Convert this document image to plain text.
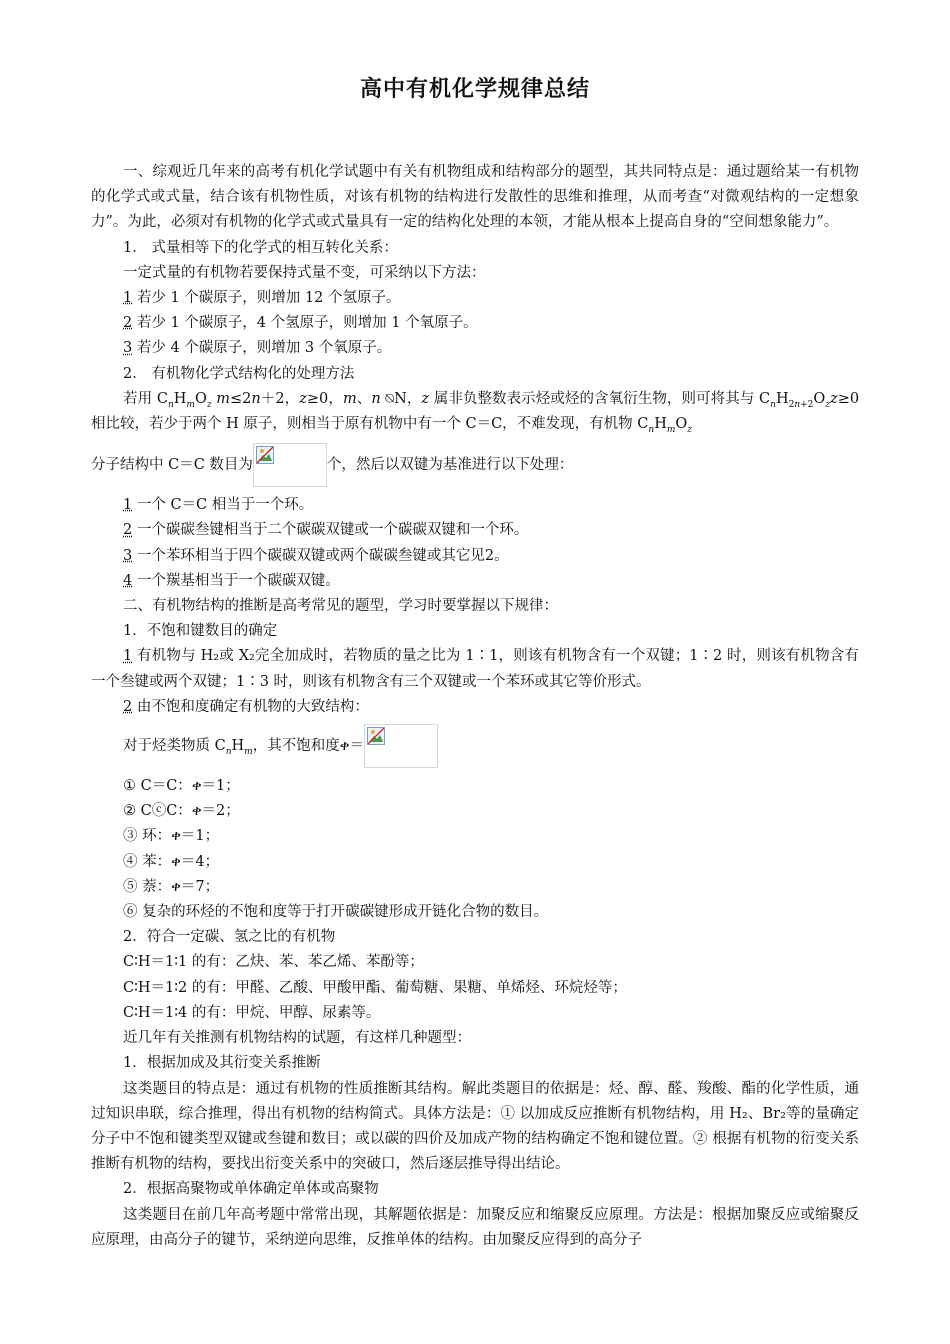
高中有机化学规律总结

一、综观近几年来的高考有机化学试题中有关有机物组成和结构部分的题型，其共同特点是：通过题给某一有机物的化学式或式量，结合该有机物性质，对该有机物的结构进行发散性的思维和推理，从而考查“对微观结构的一定想象力”。为此，必须对有机物的化学式或式量具有一定的结构化处理的本领，才能从根本上提高自身的“空间想象能力”。

1． 式量相等下的化学式的相互转化关系：

一定式量的有机物若要保持式量不变，可采纳以下方法：

1 若少 1 个碳原子，则增加 12 个氢原子。

2 若少 1 个碳原子，4 个氢原子，则增加 1 个氧原子。

3 若少 4 个碳原子，则增加 3 个氧原子。

2． 有机物化学式结构化的处理方法

若用 $C_nH_mO_z$ m≤2n＋2，z≥0，m、n ⍉N，z 属非负整数表示烃或烃的含氧衍生物，则可将其与 $C_nH_{2n+2}O_zz\ge 0$相比较，若少于两个 H 原子，则相当于原有机物中有一个 C＝C，不难发现，有机物 $C_nH_mO_z$

分子结构中 C＝C 数目为	个，然后以双键为基准进行以下处理：

1 一个 C＝C 相当于一个环。

2 一个碳碳叁键相当于二个碳碳双键或一个碳碳双键和一个环。

3 一个苯环相当于四个碳碳双键或两个碳碳叁键或其它见2。

4 一个羰基相当于一个碳碳双键。

二、有机物结构的推断是高考常见的题型，学习时要掌握以下规律：

1．不饱和键数目的确定

1 有机物与 H₂或 X₂完全加成时，若物质的量之比为 1∶1，则该有机物含有一个双键；1∶2 时，则该有机物含有一个叁键或两个双键；1∶3 时，则该有机物含有三个双键或一个苯环或其它等价形式。

2 由不饱和度确定有机物的大致结构：

对于烃类物质 $C_nH_m$，其不饱和度ቀ＝

① C＝C：ቀ＝1；

② CⓒC：ቀ＝2；

③ 环：ቀ＝1；

④ 苯：ቀ＝4；

⑤ 萘：ቀ＝7；

⑥ 复杂的环烃的不饱和度等于打开碳碳键形成开链化合物的数目。

2．符合一定碳、氢之比的有机物

C∶H＝1∶1 的有：乙炔、苯、苯乙烯、苯酚等；

C∶H＝1∶2 的有：甲醛、乙酸、甲酸甲酯、葡萄糖、果糖、单烯烃、环烷烃等；

C∶H＝1∶4 的有：甲烷、甲醇、尿素等。

近几年有关推测有机物结构的试题，有这样几种题型：

1．根据加成及其衍变关系推断

这类题目的特点是：通过有机物的性质推断其结构。解此类题目的依据是：烃、醇、醛、羧酸、酯的化学性质，通过知识串联，综合推理，得出有机物的结构简式。具体方法是：① 以加成反应推断有机物结构，用 H₂、Br₂等的量确定分子中不饱和键类型双键或叁键和数目；或以碳的四价及加成产物的结构确定不饱和键位置。② 根据有机物的衍变关系推断有机物的结构，要找出衍变关系中的突破口，然后逐层推导得出结论。

2．根据高聚物或单体确定单体或高聚物

这类题目在前几年高考题中常常出现，其解题依据是：加聚反应和缩聚反应原理。方法是：根据加聚反应或缩聚反应原理，由高分子的键节，采纳逆向思维，反推单体的结构。由加聚反应得到的高分子
